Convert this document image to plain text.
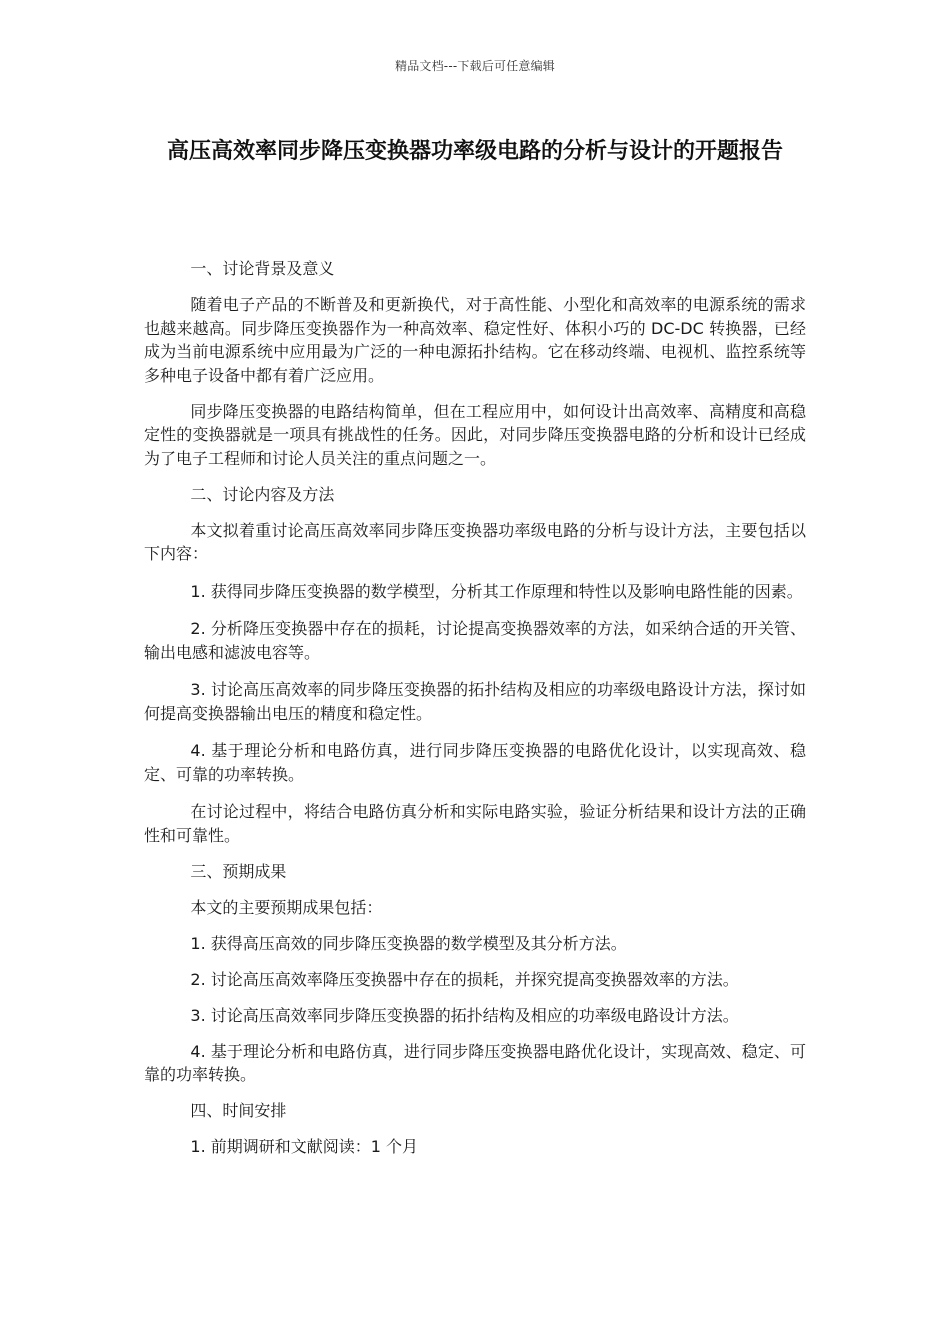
精品文档---下载后可任意编辑
高压高效率同步降压变换器功率级电路的分析与设计的开题报告

一、讨论背景及意义

随着电子产品的不断普及和更新换代，对于高性能、小型化和高效率的电源系统的需求也越来越高。同步降压变换器作为一种高效率、稳定性好、体积小巧的 DC-DC 转换器，已经成为当前电源系统中应用最为广泛的一种电源拓扑结构。它在移动终端、电视机、监控系统等多种电子设备中都有着广泛应用。

同步降压变换器的电路结构简单，但在工程应用中，如何设计出高效率、高精度和高稳定性的变换器就是一项具有挑战性的任务。因此，对同步降压变换器电路的分析和设计已经成为了电子工程师和讨论人员关注的重点问题之一。

二、讨论内容及方法

本文拟着重讨论高压高效率同步降压变换器功率级电路的分析与设计方法，主要包括以下内容：

1. 获得同步降压变换器的数学模型，分析其工作原理和特性以及影响电路性能的因素。

2. 分析降压变换器中存在的损耗，讨论提高变换器效率的方法，如采纳合适的开关管、输出电感和滤波电容等。

3. 讨论高压高效率的同步降压变换器的拓扑结构及相应的功率级电路设计方法，探讨如何提高变换器输出电压的精度和稳定性。

4. 基于理论分析和电路仿真，进行同步降压变换器的电路优化设计，以实现高效、稳定、可靠的功率转换。

在讨论过程中，将结合电路仿真分析和实际电路实验，验证分析结果和设计方法的正确性和可靠性。

三、预期成果

本文的主要预期成果包括：

1. 获得高压高效的同步降压变换器的数学模型及其分析方法。

2. 讨论高压高效率降压变换器中存在的损耗，并探究提高变换器效率的方法。

3. 讨论高压高效率同步降压变换器的拓扑结构及相应的功率级电路设计方法。

4. 基于理论分析和电路仿真，进行同步降压变换器电路优化设计，实现高效、稳定、可靠的功率转换。

四、时间安排

1. 前期调研和文献阅读：1 个月
